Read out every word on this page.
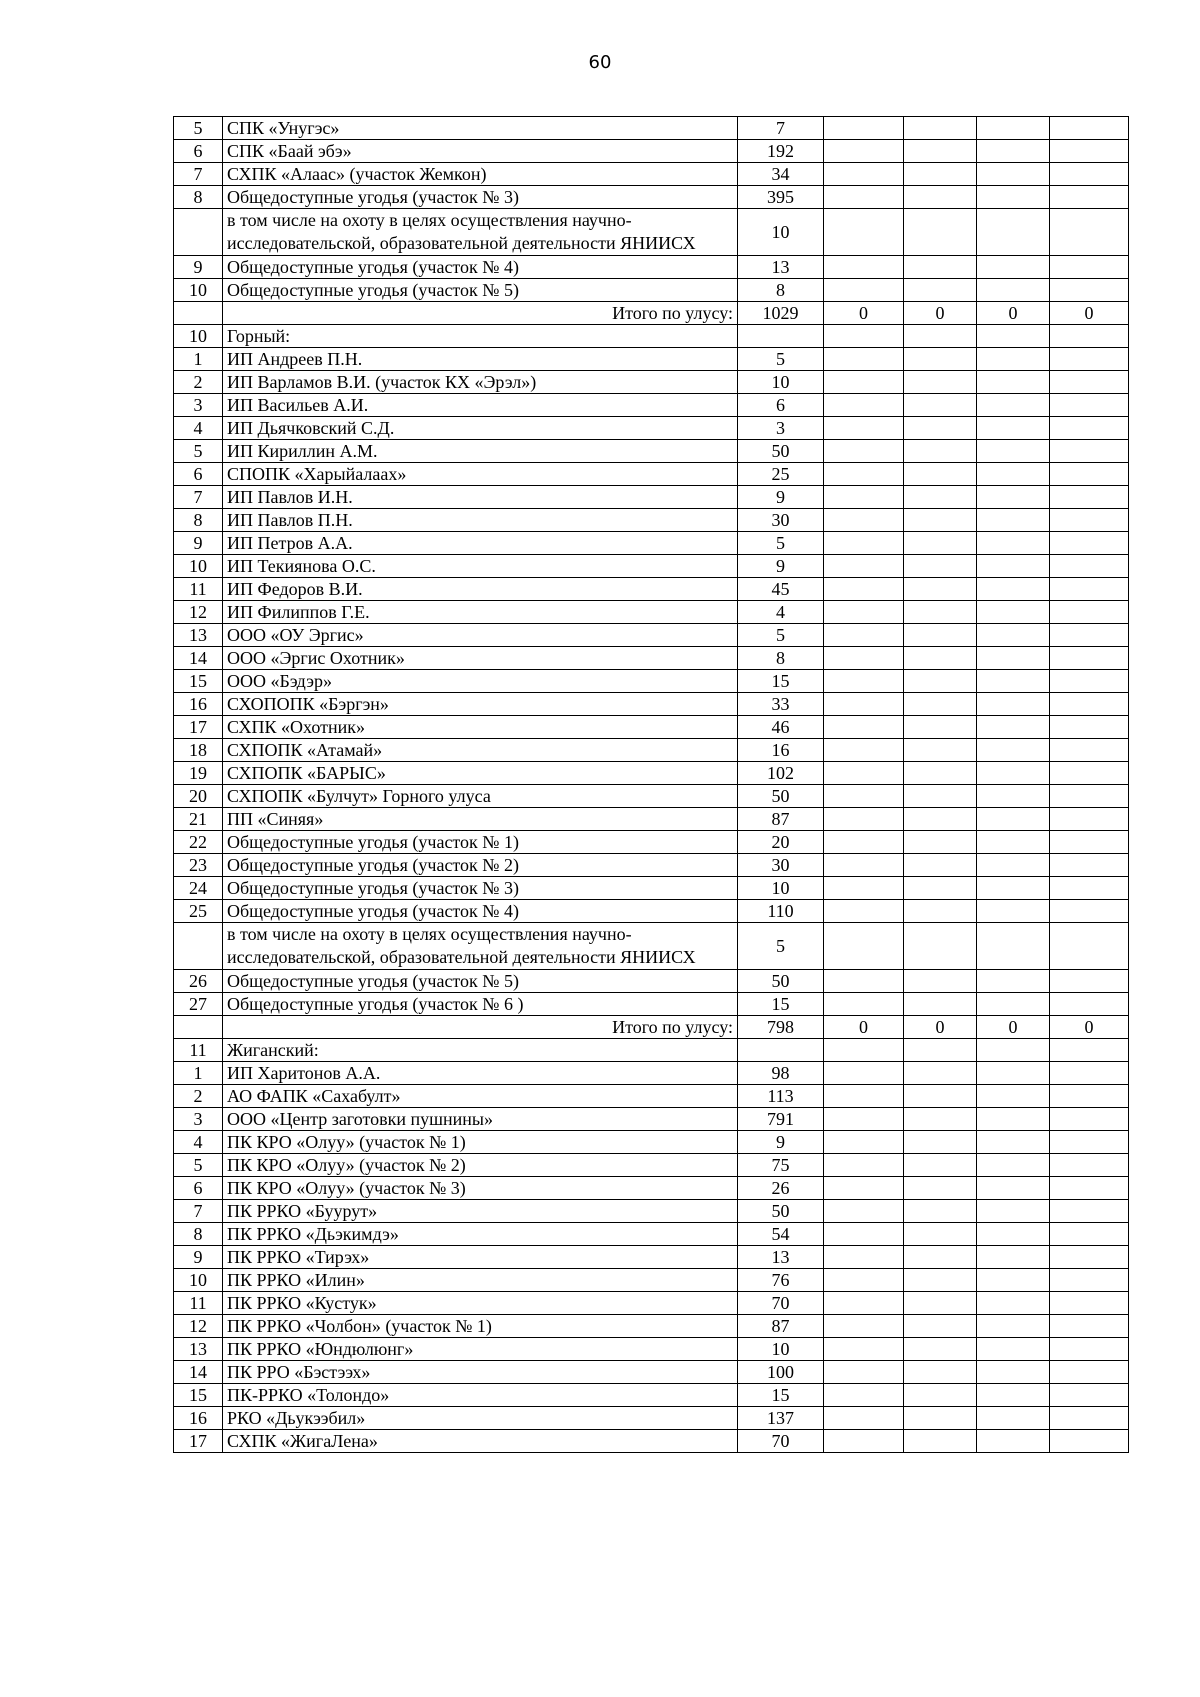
60
5	СПК «Унугэс»	7				
6	СПК «Баай эбэ»	192				
7	СХПК «Алаас» (участок Жемкон)	34				
8	Общедоступные угодья (участок № 3)	395				
	в том числе на охоту в целях осуществления научно-исследовательской, образовательной деятельности ЯНИИСХ	10				
9	Общедоступные угодья (участок № 4)	13				
10	Общедоступные угодья (участок № 5)	8				
	Итого по улусу:	1029	0	0	0	0
10	Горный:					
1	ИП Андреев П.Н.	5				
2	ИП Варламов В.И. (участок КХ «Эрэл»)	10				
3	ИП Васильев А.И.	6				
4	ИП Дьячковский С.Д.	3				
5	ИП Кириллин А.М.	50				
6	СПОПК «Харыйалаах»	25				
7	ИП Павлов И.Н.	9				
8	ИП Павлов П.Н.	30				
9	ИП Петров А.А.	5				
10	ИП Текиянова О.С.	9				
11	ИП Федоров В.И.	45				
12	ИП Филиппов Г.Е.	4				
13	ООО «ОУ Эргис»	5				
14	ООО «Эргис Охотник»	8				
15	ООО «Бэдэр»	15				
16	СХОПОПК «Бэргэн»	33				
17	СХПК «Охотник»	46				
18	СХПОПК «Атамай»	16				
19	СХПОПК «БАРЫС»	102				
20	СХПОПК «Булчут» Горного улуса	50				
21	ПП «Синяя»	87				
22	Общедоступные угодья (участок № 1)	20				
23	Общедоступные угодья (участок № 2)	30				
24	Общедоступные угодья (участок № 3)	10				
25	Общедоступные угодья (участок № 4)	110				
	в том числе на охоту в целях осуществления научно-исследовательской, образовательной деятельности ЯНИИСХ	5				
26	Общедоступные угодья (участок № 5)	50				
27	Общедоступные угодья (участок № 6 )	15				
	Итого по улусу:	798	0	0	0	0
11	Жиганский:					
1	ИП Харитонов А.А.	98				
2	АО ФАПК «Сахабулт»	113				
3	ООО «Центр заготовки пушнины»	791				
4	ПК КРО «Олуу» (участок № 1)	9				
5	ПК КРО «Олуу» (участок № 2)	75				
6	ПК КРО «Олуу» (участок № 3)	26				
7	ПК РРКО «Буурут»	50				
8	ПК РРКО «Дьэкимдэ»	54				
9	ПК РРКО «Тирэх»	13				
10	ПК РРКО «Илин»	76				
11	ПК РРКО «Кустук»	70				
12	ПК РРКО «Чолбон» (участок № 1)	87				
13	ПК РРКО «Юндюлюнг»	10				
14	ПК РРО «Бэстээх»	100				
15	ПК-РРКО «Толондо»	15				
16	РКО «Дьукээбил»	137				
17	СХПК «ЖигаЛена»	70				
